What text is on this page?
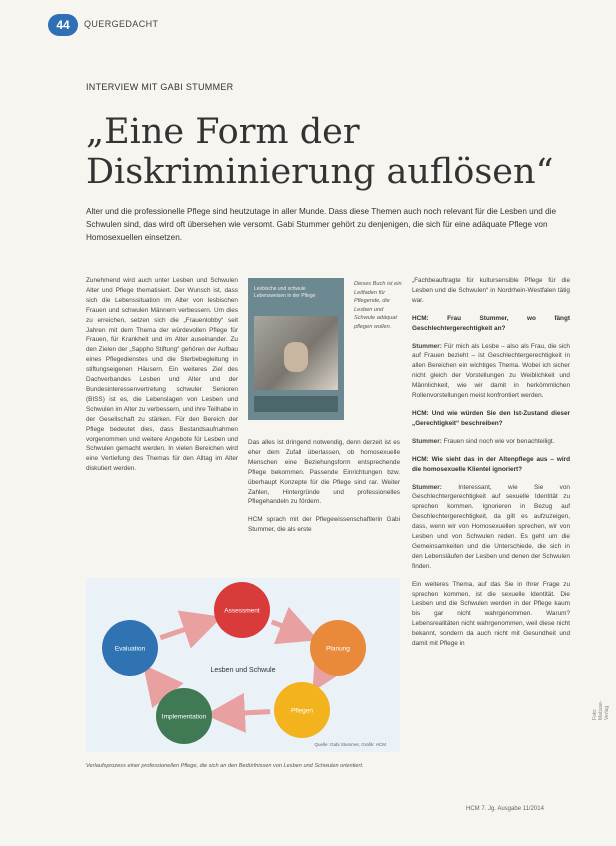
44	QUERGEDACHT
INTERVIEW MIT GABI STUMMER
„Eine Form der
Diskriminierung auflösen“
Alter und die professionelle Pflege sind heutzutage in aller Munde. Dass diese Themen auch noch relevant für die Lesben und die Schwulen sind, das wird oft übersehen wie versomt. Gabi Stummer gehört zu denjenigen, die sich für eine adäquate Pflege von Homosexuellen einsetzen.

Zunehmend wird auch unter Lesben und Schwulen Alter und Pflege thematisiert. Der Wunsch ist, dass sich die Lebenssituation im Alter von lesbischen Frauen und schwulen Männern verbessern. Um dies zu erreichen, setzen sich die „Frauenlobby“ seit Jahren mit dem Thema der würdevollen Pflege für Frauen, für Krankheit und im Alter auseinander. Zu den Zielen der „Sappho Stiftung“ gehören der Aufbau eines Pflegedienstes und die Sterbebegleitung in stiftungseigenen Häusern. Ein weiteres Ziel des Dachverbandes Lesben und Alter und der Bundesinteressenvertretung schwuler Senioren (BISS) ist es, die Lebenslagen von Lesben und Schwulen im Alter zu verbessern, und ihre Teilhabe in der Gesellschaft zu stärken. Für den Bereich der Pflege bedeutet dies, dass Bestandsaufnahmen vorgenommen und weitere Angebote für Lesben und Schwulen gemacht werden. In vielen Bereichen wird eine Vertiefung des Themas für den Alltag im Alter diskutiert werden.

Lesbische und schwule Lebensweisen in der Pflege
Dieses Buch ist ein Leitfaden für Pflegende, die Lesben und Schwule adäquat pflegen wollen.

Das alles ist dringend notwendig, denn derzeit ist es eher dem Zufall überlassen, ob homosexuelle Menschen eine Beziehungsform entsprechende Pflege bekommen. Passende Einrichtungen bzw. überhaupt Konzepte für die Pflege sind rar. Weiter Zahlen, Hintergründe und professionelles Pflegehandeln zu fördern.

HCM sprach mit der Pflegewissenschaftlerin Gabi Stummer, die als erste

„Fachbeauftragte für kultursensible Pflege für die Lesben und die Schwulen“ in Nordrhein-Westfalen tätig war.

HCM: Frau Stummer, wo fängt Geschlechtergerechtigkeit an?

Stummer: Für mich als Lesbe – also als Frau, die sich auf Frauen bezieht – ist Geschlechtergerechtigkeit in allen Bereichen ein wichtiges Thema. Wobei ich sicher nicht gleich der Vorstellungen zu Weiblichkeit und Männlichkeit, wie wir damit in herkömmlichen Rollenvorstellungen meist konfrontiert werden.

HCM: Und wie würden Sie den Ist-Zustand dieser „Gerechtigkeit“ beschreiben?

Stummer: Frauen sind noch wie vor benachteiligt.

HCM: Wie sieht das in der Altenpflege aus – wird die homosexuelle Klientel ignoriert?

Stummer:	Interessant, wie Sie von Geschlechtergerechtigkeit auf sexuelle Identität zu sprechen kommen. Ignorieren in Bezug auf Geschlechtergerechtigkeit, da gilt es aufzuzeigen, dass, wenn wir von Homosexuellen sprechen, wir von Lesben und von Schwulen reden. Es geht um die Gemeinsamkeiten und die Unterschiede, die sich in den Lebensläufen der Lesben und denen der Schwulen finden.

Ein weiteres Thema, auf das Sie in Ihrer Frage zu sprechen kommen, ist die sexuelle Identität. Die Lesben und die Schwulen werden in der Pflege kaum bis gar nicht wahrgenommen. Warum? Lebensrealitäten nicht wahrgenommen, weil diese nicht bekannt, sondern da auch nicht mit Gesundheit und damit mit Pflege in

Assessment
Planung
Pflegen
Implementation
Evaluation
Lesben und Schwule
Quelle: Gabi Stummer, Grafik: HCM
Verlaufsprozess einer professionellen Pflege, die sich an den Bedürfnissen von Lesben und Schwulen orientiert.
HCM 7. Jg. Ausgabe 11/2014
Foto: Mabuse-Verlag
